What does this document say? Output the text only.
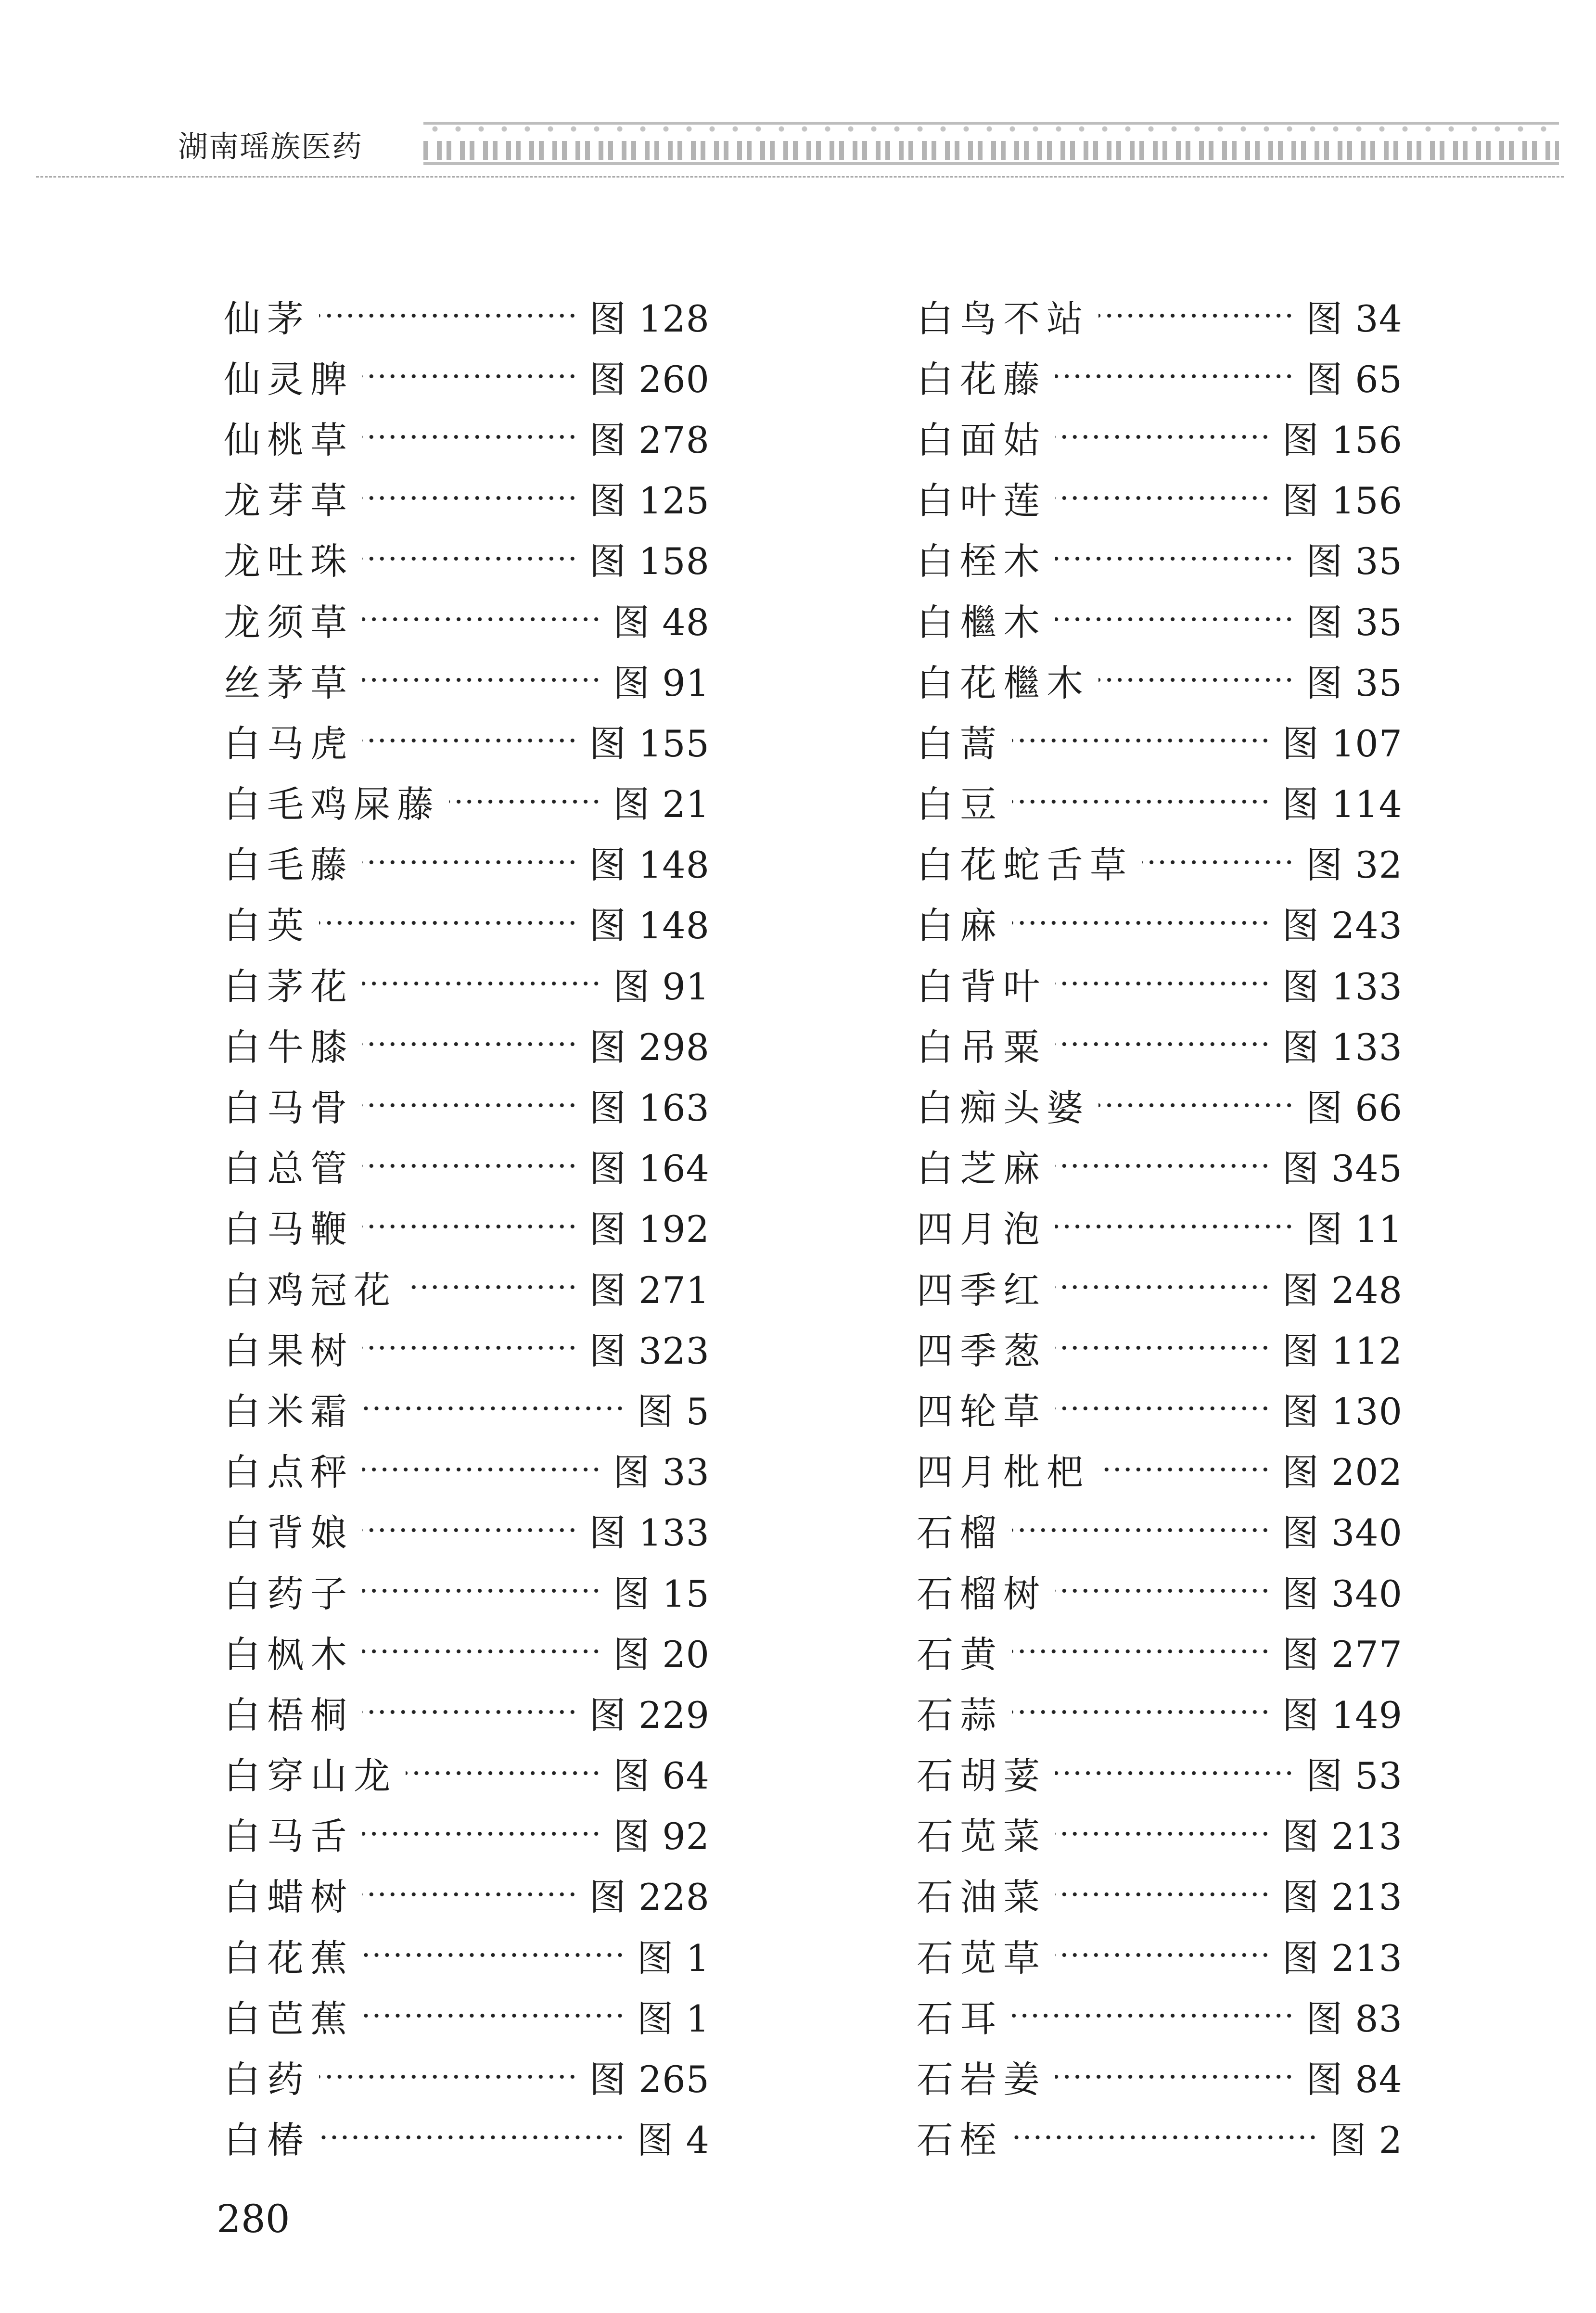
湖南瑶族医药
仙茅	图 128
仙灵脾	图 260
仙桃草	图 278
龙芽草	图 125
龙吐珠	图 158
龙须草	图 48
丝茅草	图 91
白马虎	图 155
白毛鸡屎藤	图 21
白毛藤	图 148
白英	图 148
白茅花	图 91
白牛膝	图 298
白马骨	图 163
白总管	图 164
白马鞭	图 192
白鸡冠花	图 271
白果树	图 323
白米霜	图 5
白点秤	图 33
白背娘	图 133
白药子	图 15
白枫木	图 20
白梧桐	图 229
白穿山龙	图 64
白马舌	图 92
白蜡树	图 228
白花蕉	图 1
白芭蕉	图 1
白药	图 265
白椿	图 4
白鸟不站	图 34
白花藤	图 65
白面姑	图 156
白叶莲	图 156
白桎木	图 35
白檵木	图 35
白花檵木	图 35
白蒿	图 107
白豆	图 114
白花蛇舌草	图 32
白麻	图 243
白背叶	图 133
白吊粟	图 133
白痴头婆	图 66
白芝麻	图 345
四月泡	图 11
四季红	图 248
四季葱	图 112
四轮草	图 130
四月枇杷	图 202
石榴	图 340
石榴树	图 340
石黄	图 277
石蒜	图 149
石胡荽	图 53
石苋菜	图 213
石油菜	图 213
石苋草	图 213
石耳	图 83
石岩姜	图 84
石桎	图 2
280
